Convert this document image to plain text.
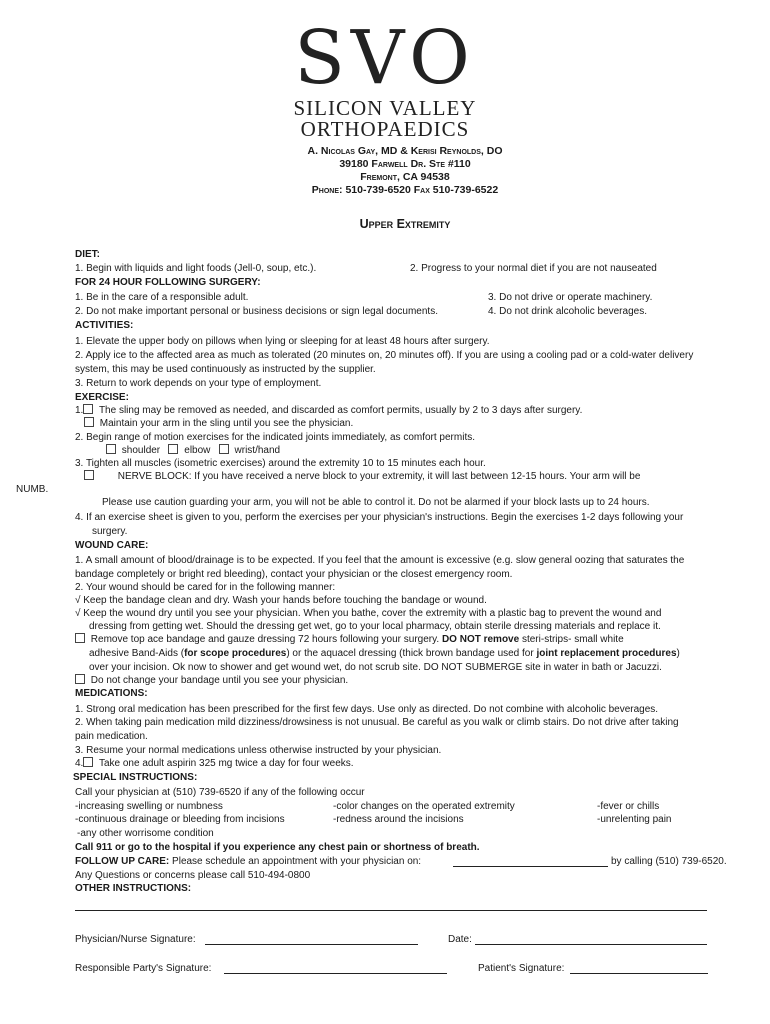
SVO
SILICON VALLEY
ORTHOPAEDICS
A. Nicolas Gay, MD & Kerisi Reynolds, DO
39180 Farwell Dr. Ste #110
Fremont, CA 94538
Phone: 510-739-6520 Fax 510-739-6522
Upper Extremity
DIET:
1. Begin with liquids and light foods (Jell-0, soup, etc.).	2. Progress to your normal diet if you are not nauseated
FOR 24 HOUR FOLLOWING SURGERY:
1. Be in the care of a responsible adult.	3. Do not drive or operate machinery.
2. Do not make important personal or business decisions or sign legal documents.	4. Do not drink alcoholic beverages.
ACTIVITIES:
1. Elevate the upper body on pillows when lying or sleeping for at least 48 hours after surgery.
2. Apply ice to the affected area as much as tolerated (20 minutes on, 20 minutes off). If you are using a cooling pad or a cold-water delivery
system, this may be used continuously as instructed by the supplier.
3. Return to work depends on your type of employment.
EXERCISE:
1. The sling may be removed as needed, and discarded as comfort permits, usually by 2 to 3 days after surgery.
Maintain your arm in the sling until you see the physician.
2. Begin range of motion exercises for the indicated joints immediately, as comfort permits.
shoulder elbow wrist/hand
3. Tighten all muscles (isometric exercises) around the extremity 10 to 15 minutes each hour.
NERVE BLOCK: If you have received a nerve block to your extremity, it will last between 12-15 hours. Your arm will be
NUMB.
Please use caution guarding your arm, you will not be able to control it. Do not be alarmed if your block lasts up to 24 hours.
4. If an exercise sheet is given to you, perform the exercises per your physician's instructions. Begin the exercises 1-2 days following your
surgery.
WOUND CARE:
1. A small amount of blood/drainage is to be expected. If you feel that the amount is excessive (e.g. slow general oozing that saturates the
bandage completely or bright red bleeding), contact your physician or the closest emergency room.
2. Your wound should be cared for in the following manner:
√ Keep the bandage clean and dry. Wash your hands before touching the bandage or wound.
√ Keep the wound dry until you see your physician. When you bathe, cover the extremity with a plastic bag to prevent the wound and
dressing from getting wet. Should the dressing get wet, go to your local pharmacy, obtain sterile dressing materials and replace it.
Remove top ace bandage and gauze dressing 72 hours following your surgery. DO NOT remove steri-strips- small white
adhesive Band-Aids (for scope procedures) or the aquacel dressing (thick brown bandage used for joint replacement procedures)
over your incision. Ok now to shower and get wound wet, do not scrub site. DO NOT SUBMERGE site in water in bath or Jacuzzi.
Do not change your bandage until you see your physician.
MEDICATIONS:
1. Strong oral medication has been prescribed for the first few days. Use only as directed. Do not combine with alcoholic beverages.
2. When taking pain medication mild dizziness/drowsiness is not unusual. Be careful as you walk or climb stairs. Do not drive after taking
pain medication.
3. Resume your normal medications unless otherwise instructed by your physician.
4. Take one adult aspirin 325 mg twice a day for four weeks.
SPECIAL INSTRUCTIONS:
Call your physician at (510) 739-6520 if any of the following occur
-increasing swelling or numbness	-color changes on the operated extremity	-fever or chills
-continuous drainage or bleeding from incisions	-redness around the incisions	-unrelenting pain
-any other worrisome condition
Call 911 or go to the hospital if you experience any chest pain or shortness of breath.
FOLLOW UP CARE: Please schedule an appointment with your physician on:	by calling (510) 739-6520.
Any Questions or concerns please call 510-494-0800
OTHER INSTRUCTIONS:
Physician/Nurse Signature:	Date:
Responsible Party's Signature:	Patient's Signature:
